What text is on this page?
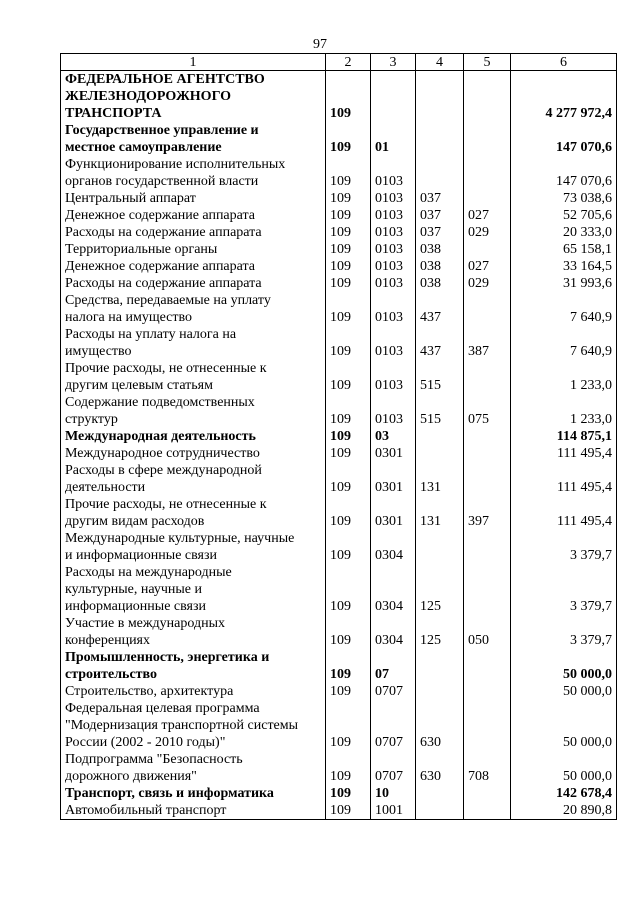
97
1	2	3	4	5	6
ФЕДЕРАЛЬНОЕ АГЕНТСТВО
ЖЕЛЕЗНОДОРОЖНОГО
ТРАНСПОРТА	109				4 277 972,4
Государственное управление и
местное самоуправление	109	01			147 070,6
Функционирование исполнительных
органов государственной власти	109	0103			147 070,6
Центральный аппарат	109	0103	037		73 038,6
Денежное содержание аппарата	109	0103	037	027	52 705,6
Расходы на содержание аппарата	109	0103	037	029	20 333,0
Территориальные органы	109	0103	038		65 158,1
Денежное содержание аппарата	109	0103	038	027	33 164,5
Расходы на содержание аппарата	109	0103	038	029	31 993,6
Средства, передаваемые на уплату
налога на имущество	109	0103	437		7 640,9
Расходы на уплату налога на
имущество	109	0103	437	387	7 640,9
Прочие расходы, не отнесенные к
другим целевым статьям	109	0103	515		1 233,0
Содержание подведомственных
структур	109	0103	515	075	1 233,0
Международная деятельность	109	03			114 875,1
Международное сотрудничество	109	0301			111 495,4
Расходы в сфере международной
деятельности	109	0301	131		111 495,4
Прочие расходы, не отнесенные к
другим видам расходов	109	0301	131	397	111 495,4
Международные культурные, научные
и информационные связи	109	0304			3 379,7
Расходы на международные
культурные, научные и
информационные связи	109	0304	125		3 379,7
Участие в международных
конференциях	109	0304	125	050	3 379,7
Промышленность, энергетика и
строительство	109	07			50 000,0
Строительство, архитектура	109	0707			50 000,0
Федеральная целевая программа
"Модернизация транспортной системы
России (2002 - 2010 годы)"	109	0707	630		50 000,0
Подпрограмма "Безопасность
дорожного движения"	109	0707	630	708	50 000,0
Транспорт, связь и информатика	109	10			142 678,4
Автомобильный транспорт	109	1001			20 890,8
